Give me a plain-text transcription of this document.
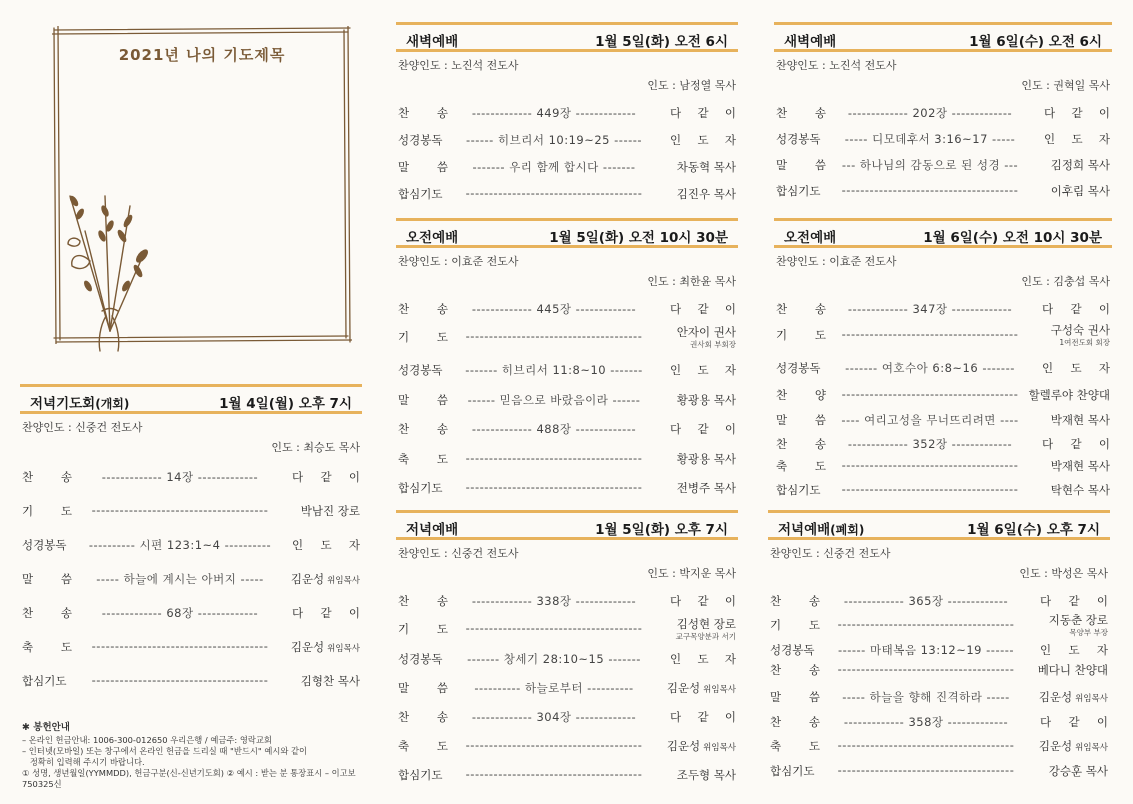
2021년 나의 기도제목
저녁기도회(개회)	1월 4일(월) 오후 7시
찬양인도 : 신중건 전도사
인도 : 최승도 목사
찬 송	------------- 14장 -------------	다 같 이
기 도	--------------------------------------	박남진 장로
성경봉독	---------- 시편 123:1~4 ----------	인 도 자
말 씀	----- 하늘에 계시는 아버지 -----	김운성 위임목사
찬 송	------------- 68장 -------------	다 같 이
축 도	--------------------------------------	김운성 위임목사
합심기도	--------------------------------------	김형찬 목사
✱ 봉헌안내
– 온라인 헌금안내: 1006-300-012650 우리은행 / 예금주: 영락교회
– 인터넷(모바일) 또는 창구에서 온라인 헌금을 드리실 때 "반드시" 예시와 같이
정확히 입력해 주시기 바랍니다.
① 성명, 생년월일(YYMMDD), 헌금구분(신-신년기도회) ② 예시 : 받는 분 통장표시 – 이고보750325신
새벽예배	1월 5일(화) 오전 6시
찬양인도 : 노진석 전도사
인도 : 남정열 목사
찬 송	------------- 449장 -------------	다 같 이
성경봉독	------ 히브리서 10:19~25 ------	인 도 자
말 씀	------- 우리 함께 합시다 -------	차동혁 목사
합심기도	--------------------------------------	김진우 목사
오전예배	1월 5일(화) 오전 10시 30분
찬양인도 : 이효준 전도사
인도 : 최한윤 목사
찬 송	------------- 445장 -------------	다 같 이
기 도	--------------------------------------	안자이 권사
권사회 부회장
성경봉독	------- 히브리서 11:8~10 -------	인 도 자
말 씀	------ 믿음으로 바랐음이라 ------	황광용 목사
찬 송	------------- 488장 -------------	다 같 이
축 도	--------------------------------------	황광용 목사
합심기도	--------------------------------------	전병주 목사
저녁예배	1월 5일(화) 오후 7시
찬양인도 : 신중건 전도사
인도 : 박지운 목사
찬 송	------------- 338장 -------------	다 같 이
기 도	--------------------------------------	김성현 장로
교구목양분과 서기
성경봉독	------- 창세기 28:10~15 -------	인 도 자
말 씀	---------- 하늘로부터 ----------	김운성 위임목사
찬 송	------------- 304장 -------------	다 같 이
축 도	--------------------------------------	김운성 위임목사
합심기도	--------------------------------------	조두형 목사
새벽예배	1월 6일(수) 오전 6시
찬양인도 : 노진석 전도사
인도 : 권혁일 목사
찬 송	------------- 202장 -------------	다 같 이
성경봉독	----- 디모데후서 3:16~17 -----	인 도 자
말 씀	--- 하나님의 감동으로 된 성경 ---	김정희 목사
합심기도	--------------------------------------	이후림 목사
오전예배	1월 6일(수) 오전 10시 30분
찬양인도 : 이효준 전도사
인도 : 김충섭 목사
찬 송	------------- 347장 -------------	다 같 이
기 도	--------------------------------------	구성숙 권사
1여전도회 회장
성경봉독	------- 여호수아 6:8~16 -------	인 도 자
찬 양	-------------------------------------- 할렐루야 찬양대
말 씀	---- 여리고성을 무너뜨리려면 ----	박재현 목사
찬 송	------------- 352장 -------------	다 같 이
축 도	--------------------------------------	박재현 목사
합심기도	--------------------------------------	탁현수 목사
저녁예배(폐회)	1월 6일(수) 오후 7시
찬양인도 : 신중건 전도사
인도 : 박성은 목사
찬 송	------------- 365장 -------------	다 같 이
기 도	--------------------------------------	지동춘 장로
목양부 부장
성경봉독	------ 마태복음 13:12~19 ------	인 도 자
찬 송	--------------------------------------	베다니 찬양대
말 씀	----- 하늘을 향해 진격하라 -----	김운성 위임목사
찬 송	------------- 358장 -------------	다 같 이
축 도	--------------------------------------	김운성 위임목사
합심기도	--------------------------------------	강승훈 목사
